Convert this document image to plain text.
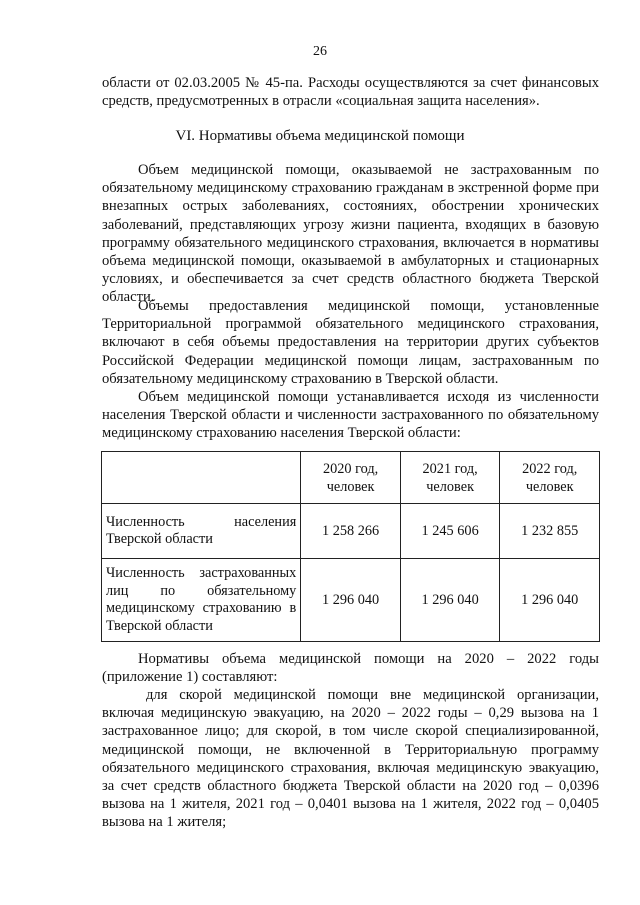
26
области от 02.03.2005 № 45-па. Расходы осуществляются за счет финансовых средств, предусмотренных в отрасли «социальная защита населения».
VI. Нормативы объема медицинской помощи
Объем медицинской помощи, оказываемой не застрахованным по обязательному медицинскому страхованию гражданам в экстренной форме при внезапных острых заболеваниях, состояниях, обострении хронических заболеваний, представляющих угрозу жизни пациента, входящих в базовую программу обязательного медицинского страхования, включается в нормативы объема медицинской помощи, оказываемой в амбулаторных и стационарных условиях, и обеспечивается за счет средств областного бюджета Тверской области.
Объемы предоставления медицинской помощи, установленные Территориальной программой обязательного медицинского страхования, включают в себя объемы предоставления на территории других субъектов Российской Федерации медицинской помощи лицам, застрахованным по обязательному медицинскому страхованию в Тверской области.
Объем медицинской помощи устанавливается исходя из численности населения Тверской области и численности застрахованного по обязательному медицинскому страхованию населения Тверской области:
	2020 год, человек	2021 год, человек	2022 год, человек
Численность населения Тверской области	1 258 266	1 245 606	1 232 855
Численность застрахованных лиц по обязательному медицинскому страхованию в Тверской области	1 296 040	1 296 040	1 296 040
Нормативы объема медицинской помощи на 2020 – 2022 годы (приложение 1) составляют:
для скорой медицинской помощи вне медицинской организации, включая медицинскую эвакуацию, на 2020 – 2022 годы – 0,29 вызова на 1 застрахованное лицо; для скорой, в том числе скорой специализированной, медицинской помощи, не включенной в Территориальную программу обязательного медицинского страхования, включая медицинскую эвакуацию, за счет средств областного бюджета Тверской области на 2020 год – 0,0396 вызова на 1 жителя, 2021 год – 0,0401 вызова на 1 жителя, 2022 год – 0,0405 вызова на 1 жителя;
